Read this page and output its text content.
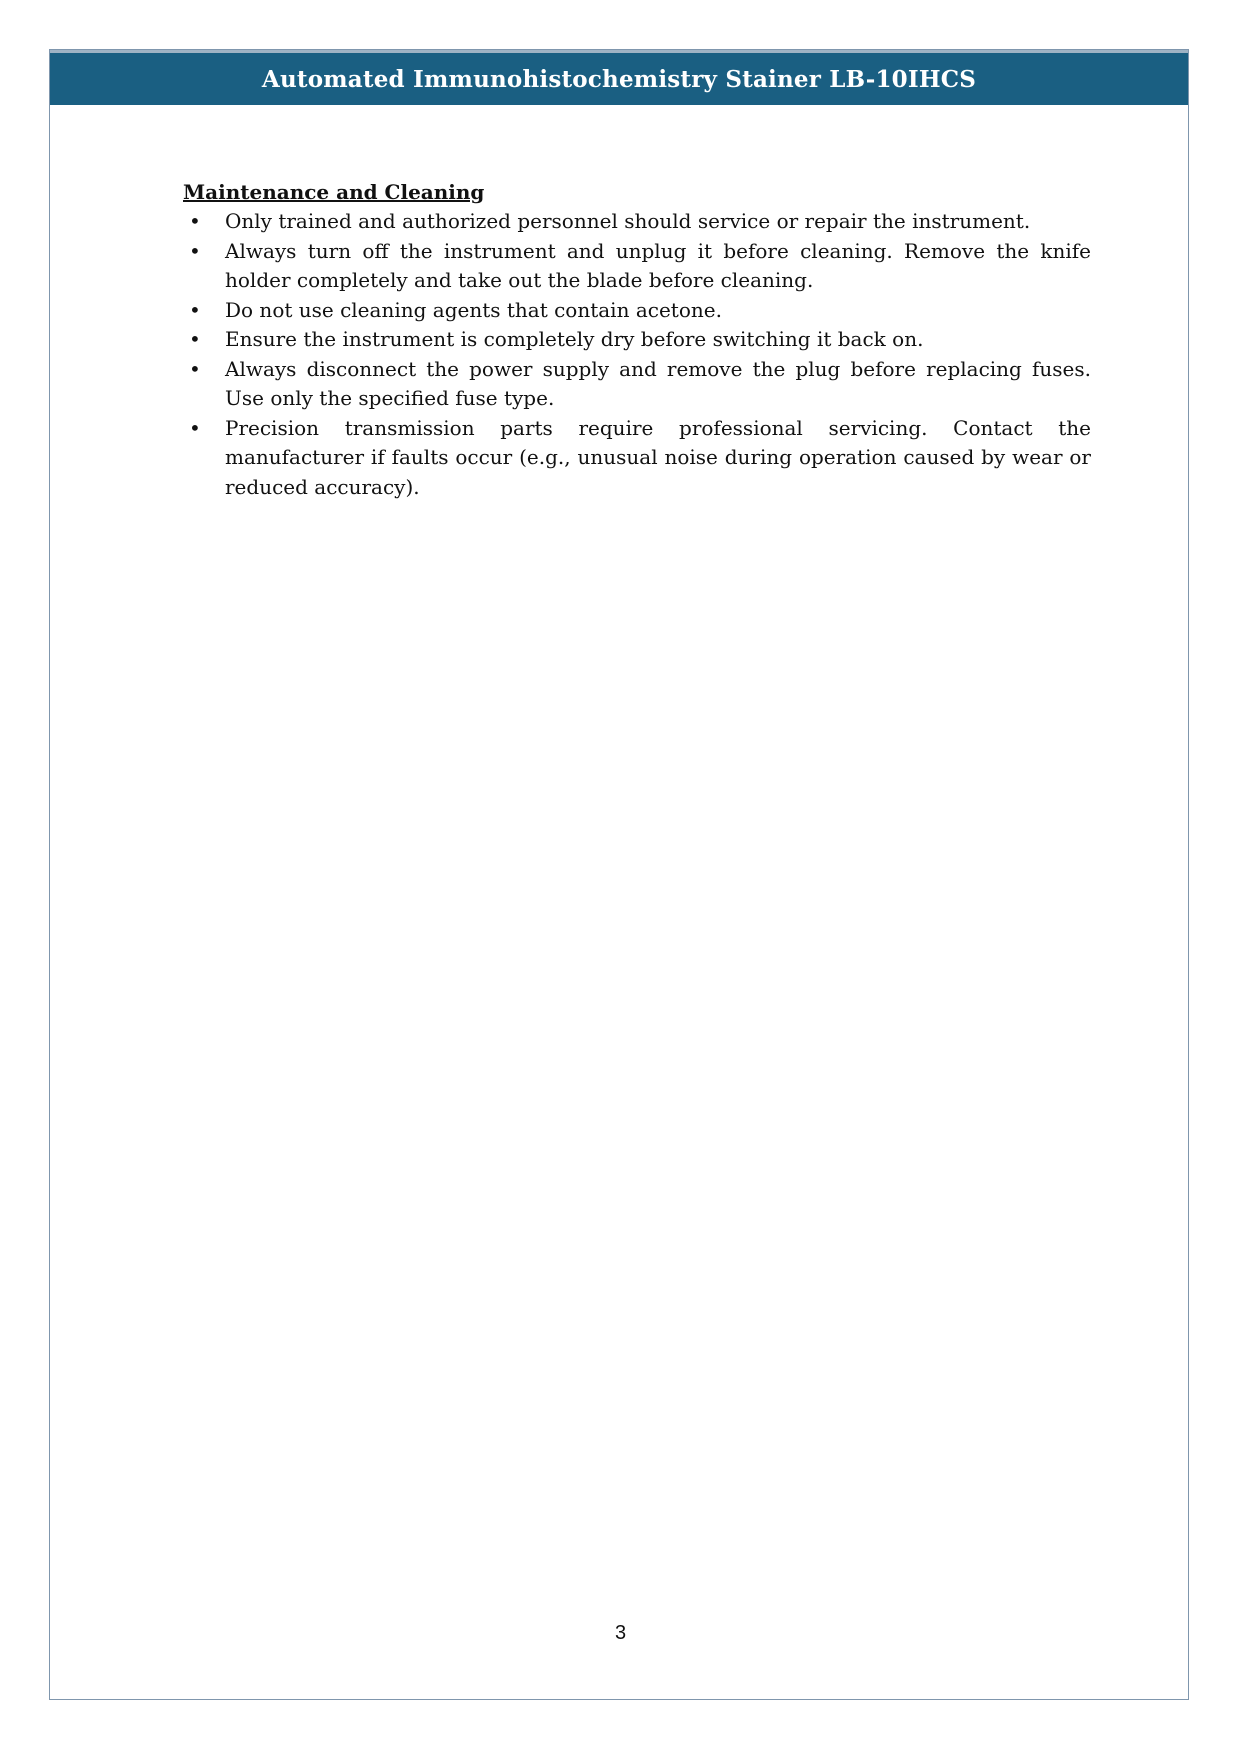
Automated Immunohistochemistry Stainer LB-10IHCS
Maintenance and Cleaning
•	Only trained and authorized personnel should service or repair the instrument.
•	Always turn off the instrument and unplug it before cleaning. Remove the knife holder completely and take out the blade before cleaning.
•	Do not use cleaning agents that contain acetone.
•	Ensure the instrument is completely dry before switching it back on.
•	Always disconnect the power supply and remove the plug before replacing fuses. Use only the specified fuse type.
•	Precision transmission parts require professional servicing. Contact the manufacturer if faults occur (e.g., unusual noise during operation caused by wear or reduced accuracy).
3
